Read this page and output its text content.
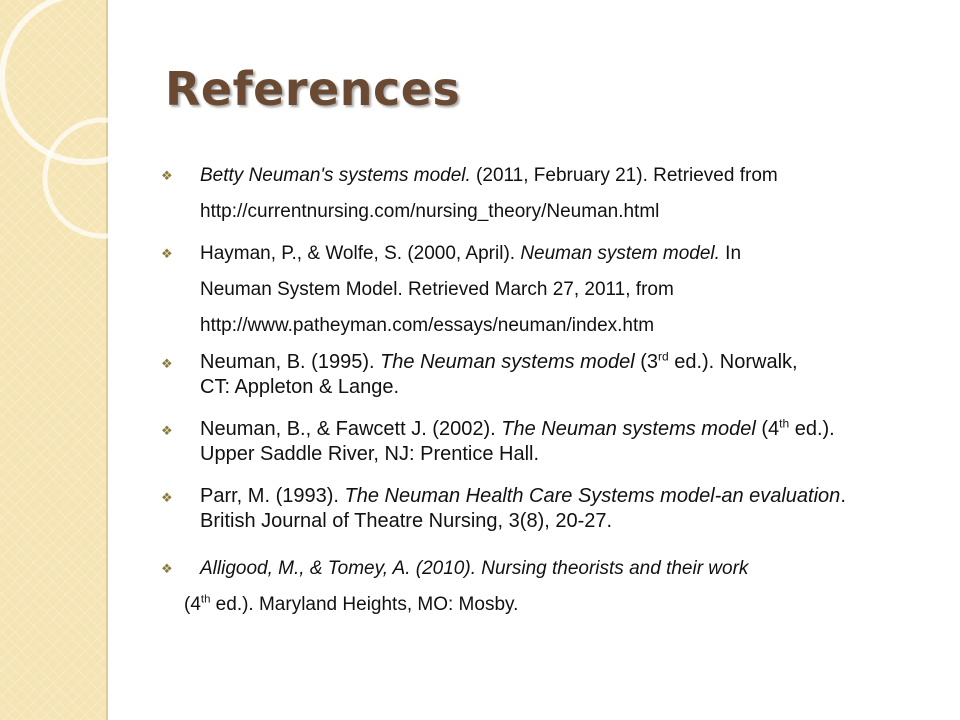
References
❖ Betty Neuman's systems model. (2011, February 21). Retrieved from
http://currentnursing.com/nursing_theory/Neuman.html
❖ Hayman, P., & Wolfe, S. (2000, April). Neuman system model. In
Neuman System Model. Retrieved March 27, 2011, from
http://www.patheyman.com/essays/neuman/index.htm
❖ Neuman, B. (1995). The Neuman systems model (3rd ed.). Norwalk,
CT: Appleton & Lange.
❖ Neuman, B., & Fawcett J. (2002). The Neuman systems model (4th ed.).
Upper Saddle River, NJ: Prentice Hall.
❖ Parr, M. (1993). The Neuman Health Care Systems model-an evaluation.
British Journal of Theatre Nursing, 3(8), 20-27.
❖ Alligood, M., & Tomey, A. (2010). Nursing theorists and their work
(4th ed.). Maryland Heights, MO: Mosby.
